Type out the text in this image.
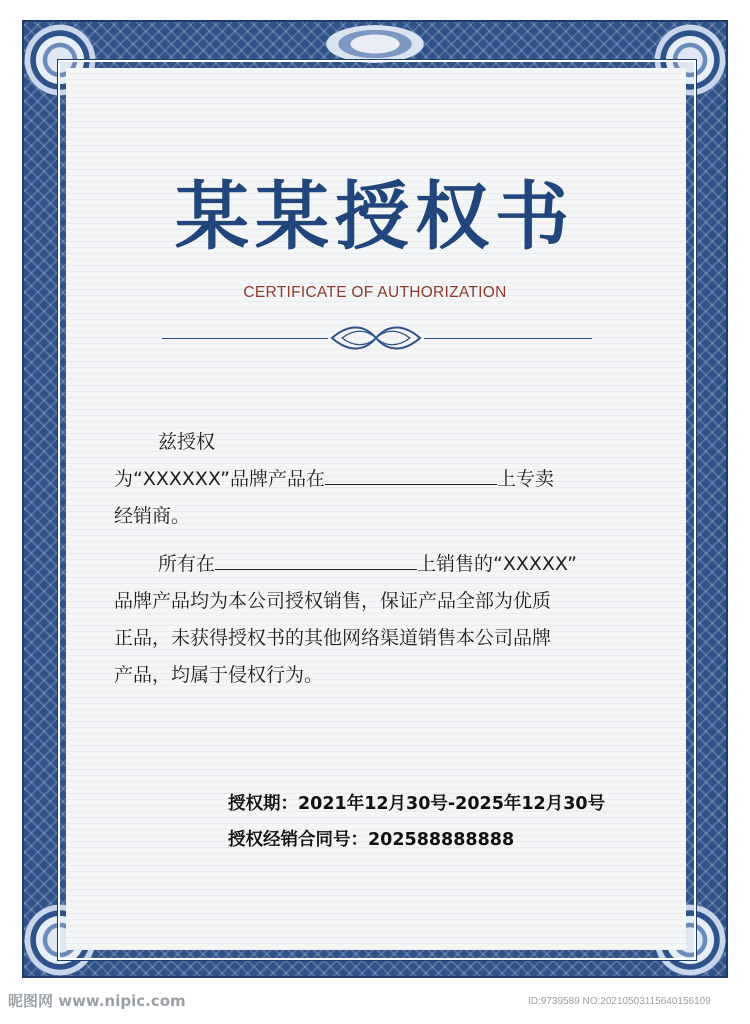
某某授权书
CERTIFICATE OF AUTHORIZATION
兹授权
为“XXXXXX”品牌产品在	上专卖
经销商。
所有在	上销售的“XXXXX”
品牌产品均为本公司授权销售，保证产品全部为优质
正品，未获得授权书的其他网络渠道销售本公司品牌
产品，均属于侵权行为。
授权期：2021年12月30号-2025年12月30号
授权经销合同号：202588888888
昵图网 www.nipic.com	ID:9739589 NO:20210503115640156109
